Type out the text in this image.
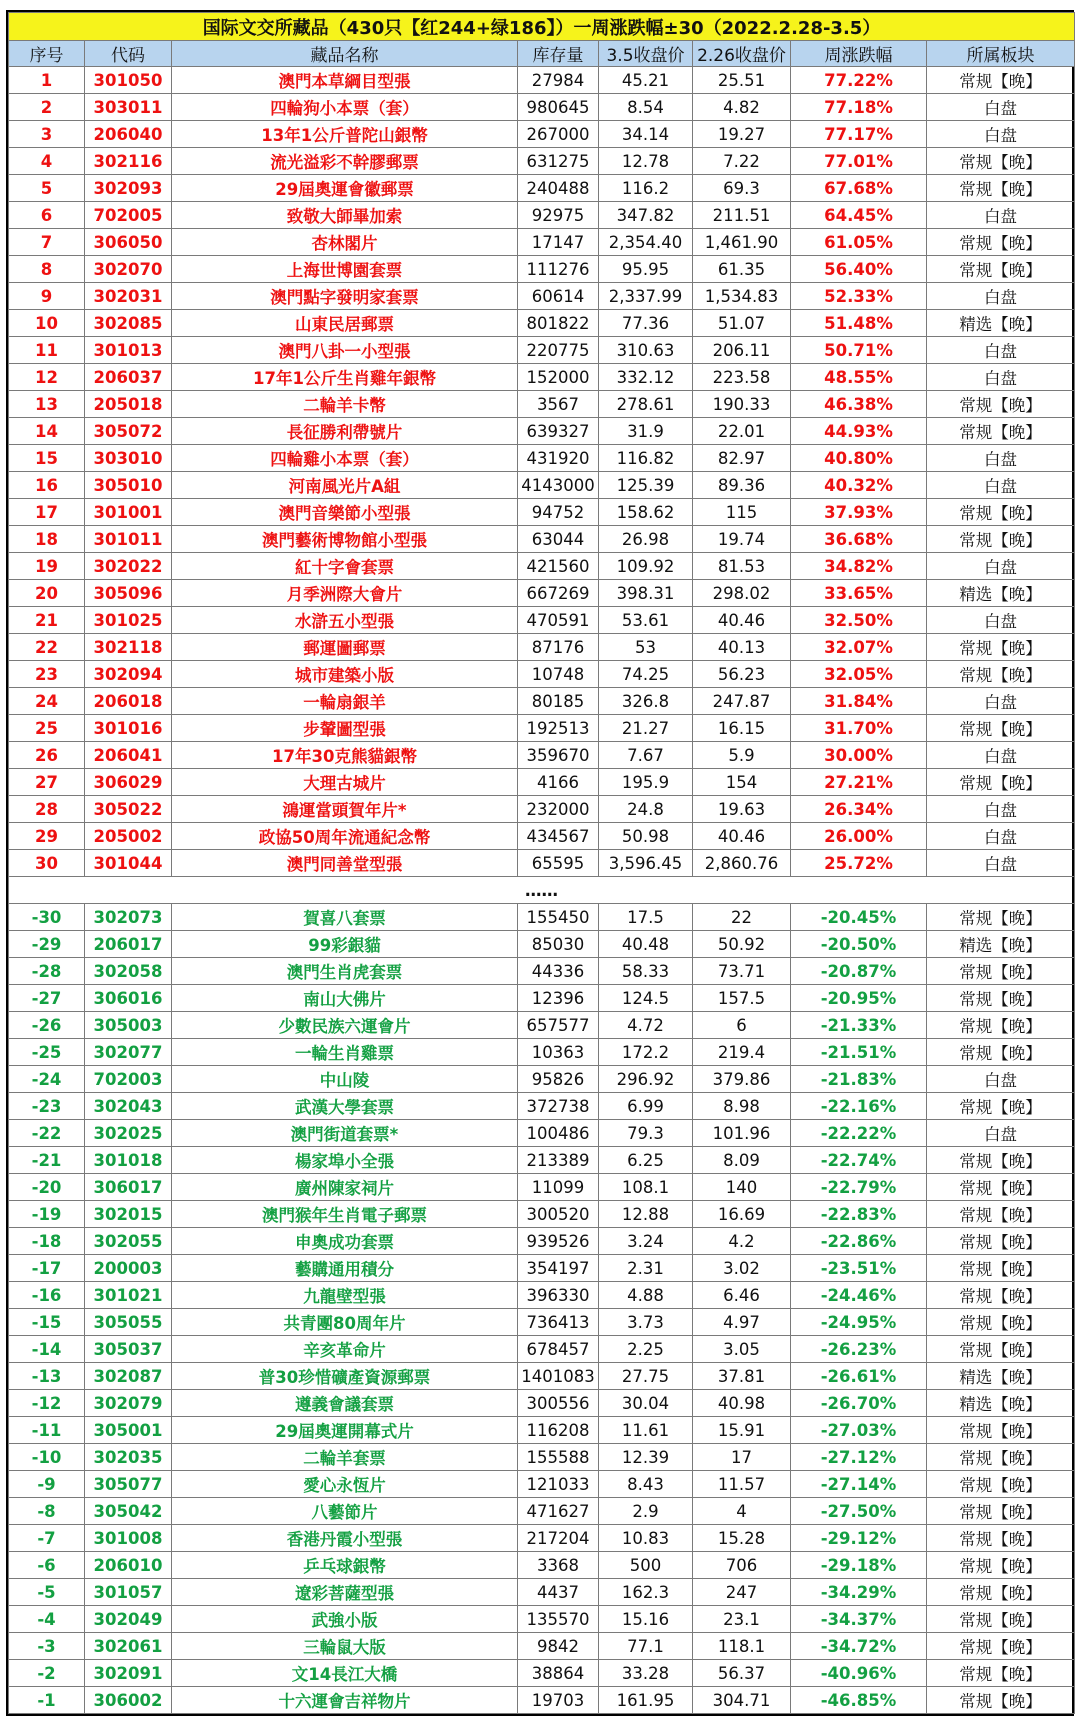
国际文交所藏品（430只【红244+绿186】）一周涨跌幅±30（2022.2.28-3.5）							
序号	代码	藏品名称	库存量	3.5收盘价	2.26收盘价	周涨跌幅	所属板块
1	301050	澳門本草綱目型張	27984	45.21	25.51	77.22%	常规【晚】
2	303011	四輪狗小本票（套）	980645	8.54	4.82	77.18%	白盘
3	206040	13年1公斤普陀山銀幣	267000	34.14	19.27	77.17%	白盘
4	302116	流光溢彩不幹膠郵票	631275	12.78	7.22	77.01%	常规【晚】
5	302093	29屆奧運會徽郵票	240488	116.2	69.3	67.68%	常规【晚】
6	702005	致敬大師畢加索	92975	347.82	211.51	64.45%	白盘
7	306050	杏林閣片	17147	2,354.40	1,461.90	61.05%	常规【晚】
8	302070	上海世博園套票	111276	95.95	61.35	56.40%	常规【晚】
9	302031	澳門點字發明家套票	60614	2,337.99	1,534.83	52.33%	白盘
10	302085	山東民居郵票	801822	77.36	51.07	51.48%	精选【晚】
11	301013	澳門八卦一小型張	220775	310.63	206.11	50.71%	白盘
12	206037	17年1公斤生肖雞年銀幣	152000	332.12	223.58	48.55%	白盘
13	205018	二輪羊卡幣	3567	278.61	190.33	46.38%	常规【晚】
14	305072	長征勝利帶號片	639327	31.9	22.01	44.93%	常规【晚】
15	303010	四輪雞小本票（套）	431920	116.82	82.97	40.80%	白盘
16	305010	河南風光片A組	4143000	125.39	89.36	40.32%	白盘
17	301001	澳門音樂節小型張	94752	158.62	115	37.93%	常规【晚】
18	301011	澳門藝術博物館小型張	63044	26.98	19.74	36.68%	常规【晚】
19	302022	紅十字會套票	421560	109.92	81.53	34.82%	白盘
20	305096	月季洲際大會片	667269	398.31	298.02	33.65%	精选【晚】
21	301025	水滸五小型張	470591	53.61	40.46	32.50%	白盘
22	302118	郵運圖郵票	87176	53	40.13	32.07%	常规【晚】
23	302094	城市建築小版	10748	74.25	56.23	32.05%	常规【晚】
24	206018	一輪扇銀羊	80185	326.8	247.87	31.84%	白盘
25	301016	步輦圖型張	192513	21.27	16.15	31.70%	常规【晚】
26	206041	17年30克熊貓銀幣	359670	7.67	5.9	30.00%	白盘
27	306029	大理古城片	4166	195.9	154	27.21%	常规【晚】
28	305022	鴻運當頭賀年片*	232000	24.8	19.63	26.34%	白盘
29	205002	政協50周年流通紀念幣	434567	50.98	40.46	26.00%	白盘
30	301044	澳門同善堂型張	65595	3,596.45	2,860.76	25.72%	白盘
……							
-30	302073	賀喜八套票	155450	17.5	22	-20.45%	常规【晚】
-29	206017	99彩銀貓	85030	40.48	50.92	-20.50%	精选【晚】
-28	302058	澳門生肖虎套票	44336	58.33	73.71	-20.87%	常规【晚】
-27	306016	南山大佛片	12396	124.5	157.5	-20.95%	常规【晚】
-26	305003	少數民族六運會片	657577	4.72	6	-21.33%	常规【晚】
-25	302077	一輪生肖雞票	10363	172.2	219.4	-21.51%	常规【晚】
-24	702003	中山陵	95826	296.92	379.86	-21.83%	白盘
-23	302043	武漢大學套票	372738	6.99	8.98	-22.16%	常规【晚】
-22	302025	澳門街道套票*	100486	79.3	101.96	-22.22%	白盘
-21	301018	楊家埠小全張	213389	6.25	8.09	-22.74%	常规【晚】
-20	306017	廣州陳家祠片	11099	108.1	140	-22.79%	常规【晚】
-19	302015	澳門猴年生肖電子郵票	300520	12.88	16.69	-22.83%	常规【晚】
-18	302055	申奧成功套票	939526	3.24	4.2	-22.86%	常规【晚】
-17	200003	藝購通用積分	354197	2.31	3.02	-23.51%	常规【晚】
-16	301021	九龍壁型張	396330	4.88	6.46	-24.46%	常规【晚】
-15	305055	共青團80周年片	736413	3.73	4.97	-24.95%	常规【晚】
-14	305037	辛亥革命片	678457	2.25	3.05	-26.23%	常规【晚】
-13	302087	普30珍惜礦產資源郵票	1401083	27.75	37.81	-26.61%	精选【晚】
-12	302079	遵義會議套票	300556	30.04	40.98	-26.70%	精选【晚】
-11	305001	29屆奧運開幕式片	116208	11.61	15.91	-27.03%	常规【晚】
-10	302035	二輪羊套票	155588	12.39	17	-27.12%	常规【晚】
-9	305077	愛心永恆片	121033	8.43	11.57	-27.14%	常规【晚】
-8	305042	八藝節片	471627	2.9	4	-27.50%	常规【晚】
-7	301008	香港丹霞小型張	217204	10.83	15.28	-29.12%	常规【晚】
-6	206010	乒乓球銀幣	3368	500	706	-29.18%	常规【晚】
-5	301057	遼彩菩薩型張	4437	162.3	247	-34.29%	常规【晚】
-4	302049	武強小版	135570	15.16	23.1	-34.37%	常规【晚】
-3	302061	三輪鼠大版	9842	77.1	118.1	-34.72%	常规【晚】
-2	302091	文14長江大橋	38864	33.28	56.37	-40.96%	常规【晚】
-1	306002	十六運會吉祥物片	19703	161.95	304.71	-46.85%	常规【晚】
